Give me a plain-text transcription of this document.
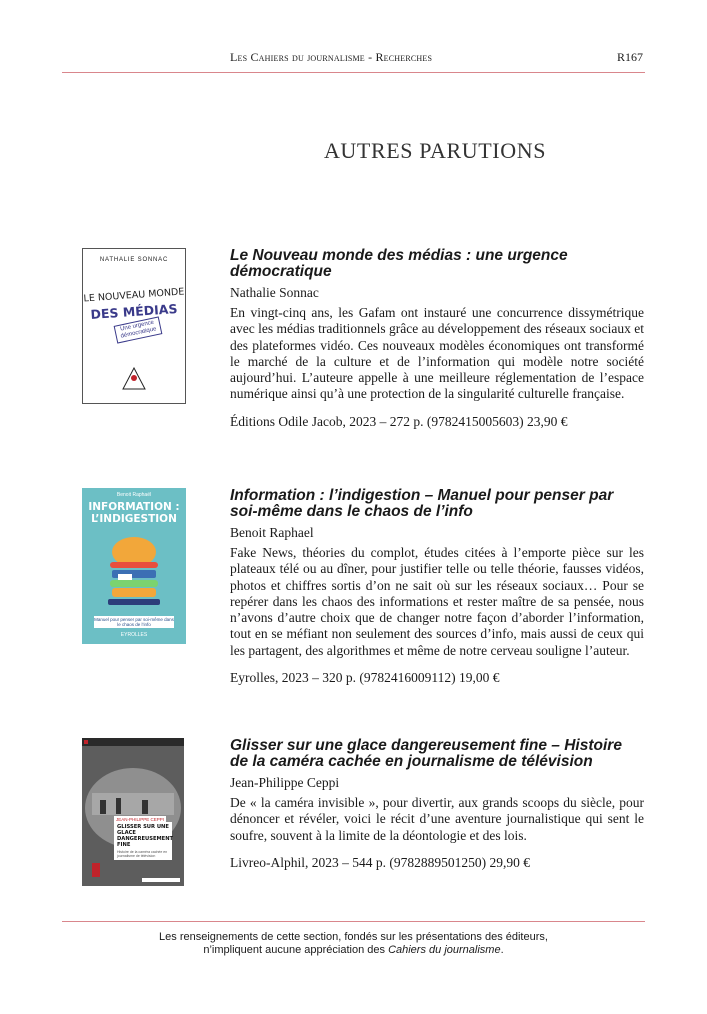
Les Cahiers du journalisme - Recherches	R167
AUTRES PARUTIONS
NATHALIE SONNAC
LE NOUVEAU MONDE
DES MÉDIAS
Une urgence démocratique
Le Nouveau monde des médias : une urgence démocratique
Nathalie Sonnac

En vingt-cinq ans, les Gafam ont instauré une concurrence dissymétrique avec les médias traditionnels grâce au développement des réseaux sociaux et des plateformes vidéo. Ces nouveaux modèles économiques ont transformé le marché de la culture et de l’information qui modèle notre société aujourd’hui. L’auteure appelle à une meilleure réglementation de l’espace numérique ainsi qu’à une protection de la singularité culturelle française.

Éditions Odile Jacob, 2023 – 272 p. (9782415005603) 23,90 €
Benoit Raphaël
INFORMATION :
L’INDIGESTION
Manuel pour penser par soi-même dans le chaos de l’info
EYROLLES
Information : l’indigestion – Manuel pour penser par soi-même dans le chaos de l’info
Benoit Raphael

Fake News, théories du complot, études citées à l’emporte pièce sur les plateaux télé ou au dîner, pour justifier telle ou telle théorie, fausses vidéos, photos et chiffres sortis d’on ne sait où sur les réseaux sociaux… Pour se repérer dans les chaos des informations et rester maître de sa pensée, nous n’avons d’autre choix que de changer notre façon d’aborder l’information, tout en se méfiant non seulement des sources d’info, mais aussi de ceux qui les partagent, des algorithmes et même de notre cerveau souligne l’auteur.

Eyrolles, 2023 – 320 p. (9782416009112) 19,00 €
JEAN-PHILIPPE CEPPI
GLISSER SUR UNE GLACE DANGEREUSEMENT FINE
Histoire de la caméra cachée en journalisme de télévision
Glisser sur une glace dangereusement fine – Histoire de la caméra cachée en journalisme de télévision
Jean-Philippe Ceppi

De « la caméra invisible », pour divertir, aux grands scoops du siècle, pour dénoncer et révéler, voici le récit d’une aventure journalistique qui sent le soufre, souvent à la limite de la déontologie et des lois.

Livreo-Alphil, 2023 – 544 p. (9782889501250) 29,90 €
Les renseignements de cette section, fondés sur les présentations des éditeurs,
n’impliquent aucune appréciation des Cahiers du journalisme.
